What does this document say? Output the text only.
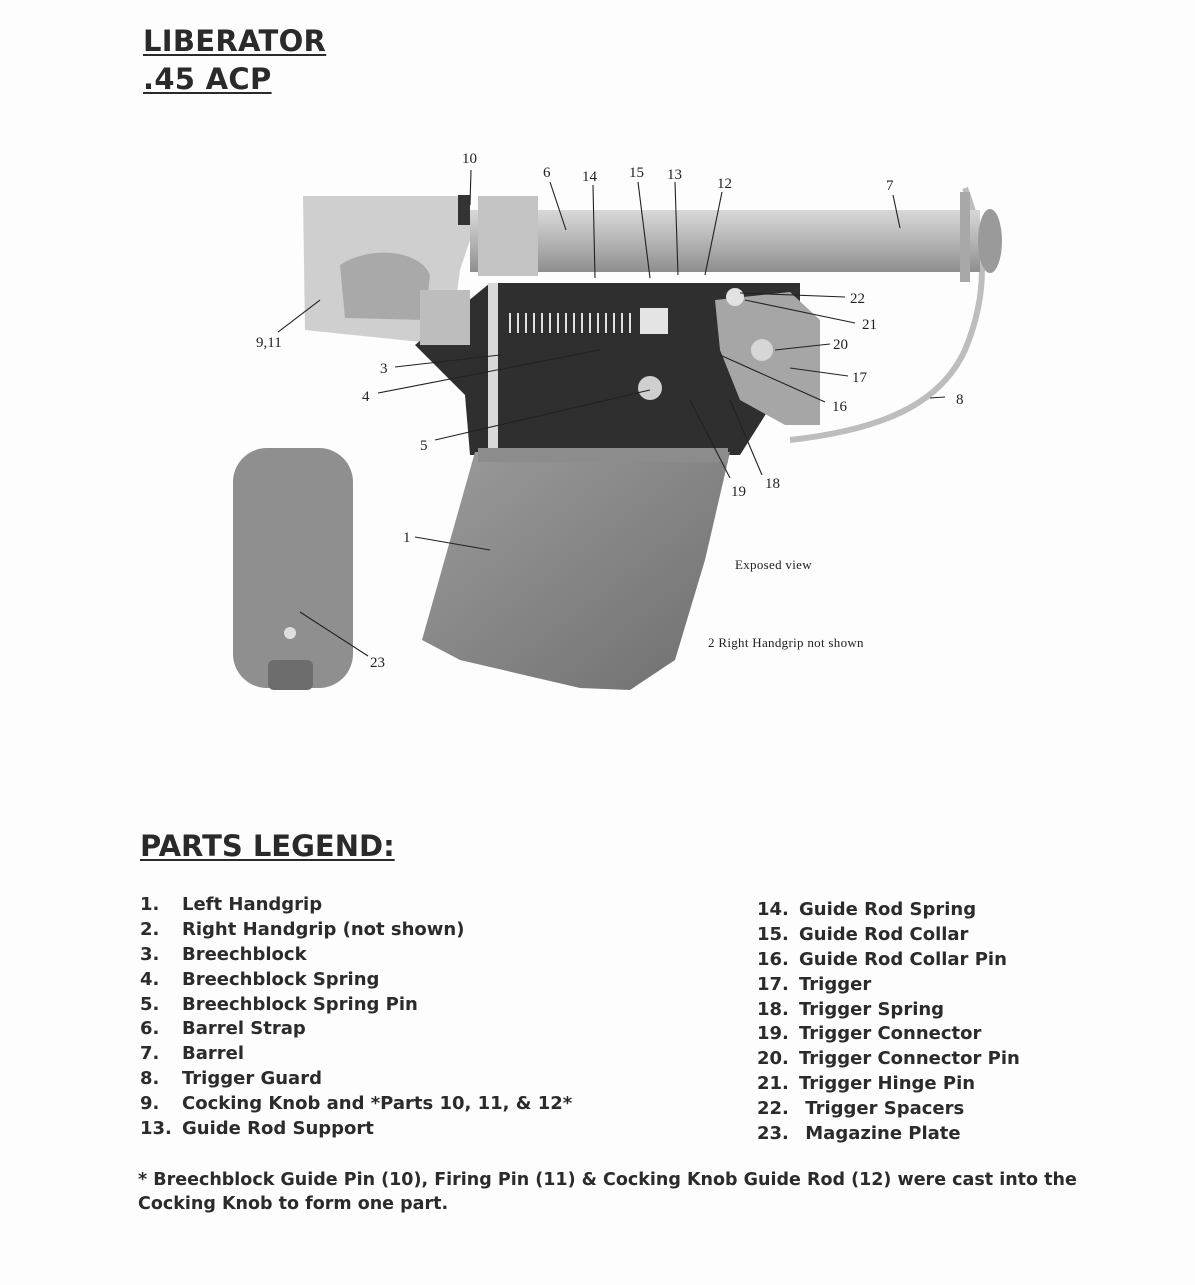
LIBERATOR
.45 ACP
10
6 14 15 13
12	7
9,11
3
4
5
1
22
21
20
17
16	8
19 18
23
Exposed view
2 Right Handgrip not shown
PARTS LEGEND:
1. Left Handgrip
2. Right Handgrip (not shown)
3. Breechblock
4. Breechblock Spring
5. Breechblock Spring Pin
6. Barrel Strap
7. Barrel
8. Trigger Guard
9. Cocking Knob and *Parts 10, 11, & 12*
13. Guide Rod Support
14. Guide Rod Spring
15. Guide Rod Collar
16. Guide Rod Collar Pin
17. Trigger
18. Trigger Spring
19. Trigger Connector
20. Trigger Connector Pin
21. Trigger Hinge Pin
22. Trigger Spacers
23. Magazine Plate

* Breechblock Guide Pin (10), Firing Pin (11) & Cocking Knob Guide Rod (12) were cast into the Cocking Knob to form one part.
